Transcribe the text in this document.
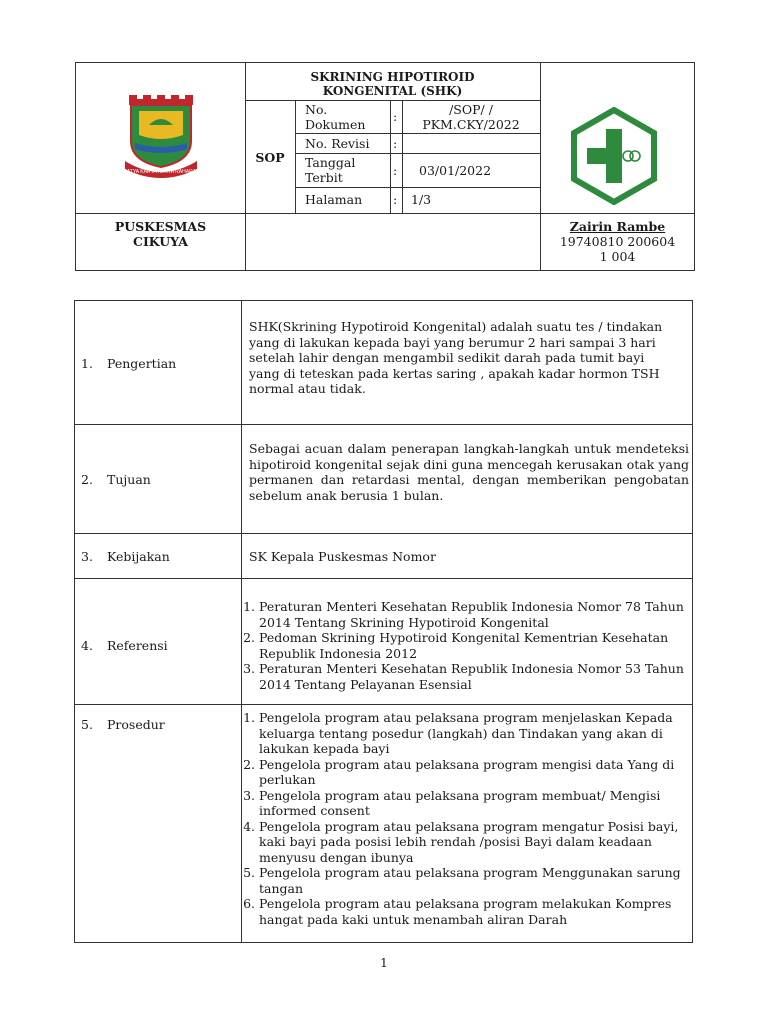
SATYA KARYA KERTA RAHARJA
SKRINING HIPOTIROID
KONGENITAL (SHK)
SOP
No. Dokumen
:	/SOP/ / PKM.CKY/2022
No. Revisi :
Tanggal Terbit	: 03/01/2022
Halaman : 1/3
PUSKESMAS
CIKUYA
Zairin Rambe
19740810 200604
1 004
1. Pengertian
SHK(Skrining Hypotiroid Kongenital) adalah suatu tes / tindakan yang di lakukan kepada bayi yang berumur 2 hari sampai 3 hari setelah lahir dengan mengambil sedikit darah pada tumit bayi yang di teteskan pada kertas saring , apakah kadar hormon TSH normal atau tidak.
2. Tujuan
Sebagai acuan dalam penerapan langkah-langkah untuk mendeteksi hipotiroid kongenital sejak dini guna mencegah kerusakan otak yang permanen dan retardasi mental, dengan memberikan pengobatan sebelum anak berusia 1 bulan.
3. Kebijakan	SK Kepala Puskesmas Nomor
4. Referensi
1. Peraturan Menteri Kesehatan Republik Indonesia Nomor 78 Tahun 2014 Tentang Skrining Hypotiroid Kongenital
2. Pedoman Skrining Hypotiroid Kongenital Kementrian Kesehatan Republik Indonesia 2012
3. Peraturan Menteri Kesehatan Republik Indonesia Nomor 53 Tahun 2014 Tentang Pelayanan Esensial
5. Prosedur
1.	Pengelola program atau pelaksana program menjelaskan Kepada keluarga tentang posedur (langkah) dan Tindakan yang akan di lakukan kepada bayi
2. Pengelola program atau pelaksana program mengisi data Yang di perlukan
3. Pengelola program atau pelaksana program membuat/ Mengisi informed consent
4. Pengelola program atau pelaksana program mengatur Posisi bayi, kaki bayi pada posisi lebih rendah /posisi Bayi dalam keadaan menyusu dengan ibunya
5. Pengelola program atau pelaksana program Menggunakan sarung tangan
6. Pengelola program atau pelaksana program melakukan Kompres hangat pada kaki untuk menambah aliran Darah
1
